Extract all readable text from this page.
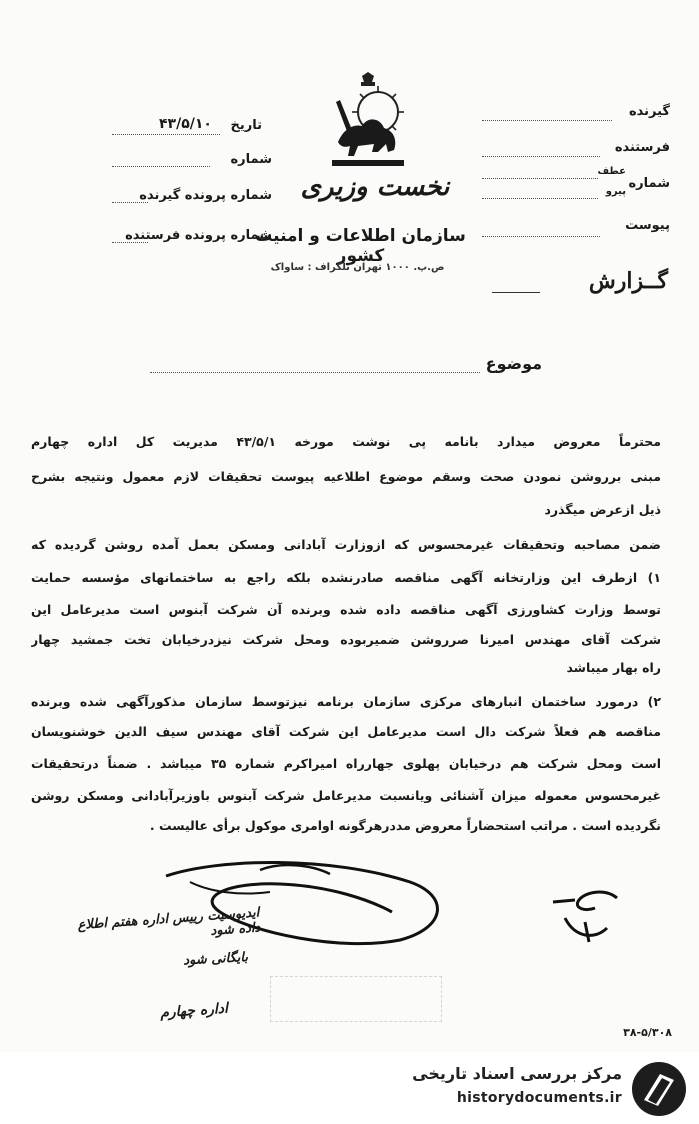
نخست وزیری
سازمان اطلاعات و امنیت کشور
ص.پ. ۱۰۰۰ تهران تلگراف : ساواک
تاریخ
۴۳/۵/۱۰
شماره
شماره پرونده گیرنده
شماره پرونده فرستنده
گیرنده
فرستنده
شماره
عطف
پیرو
پیوست
گــزارش
موضوع
محترماً معروض میدارد بانامه پی نوشت مورخه ۴۳/۵/۱ مدیریت کل اداره چهارم
مبنی برروشن نمودن صحت وسقم موضوع اطلاعیه پیوست تحقیقات لازم معمول ونتیجه بشرح
ذیل ازعرض میگذرد
ضمن مصاحبه وتحقیقات غیرمحسوس که ازوزارت آبادانی ومسکن بعمل آمده روشن گردیده که
۱) ازطرف این وزارتخانه آگهی مناقصه صادرنشده بلکه راجع به ساختمانهای مؤسسه حمایت
توسط وزارت کشاورزی آگهی مناقصه داده شده وبرنده آن شرکت آبنوس است مدیرعامل این
شرکت آقای مهندس امیرنا صرروشن ضمیربوده ومحل شرکت نیزدرخیابان تخت جمشید چهار
راه بهار میباشد
۲) درمورد ساختمان انبارهای مرکزی سازمان برنامه نیزتوسط سازمان مذکورآگهی شده وبرنده
مناقصه هم فعلاً شرکت دال است مدیرعامل این شرکت آقای مهندس سیف الدین خوشنویسان
است ومحل شرکت هم درخیابان پهلوی جهارراه امیراکرم شماره ۳۵ میباشد . ضمناً درتحقیقات
غیرمحسوس معموله میزان آشنائی ویانسبت مدیرعامل شرکت آبنوس باوزیرآبادانی ومسکن روشن
نگردیده است . مراتب استحضاراً معروض مددرهرگونه اوامری موکول برأی عالیست .
ایدیوسیت رییس اداره هفتم اطلاع داده شود
بایگانی شود
اداره چهارم
۳۸-۵/۳۰۸
مرکز بررسی اسناد تاریخی
historydocuments.ir
